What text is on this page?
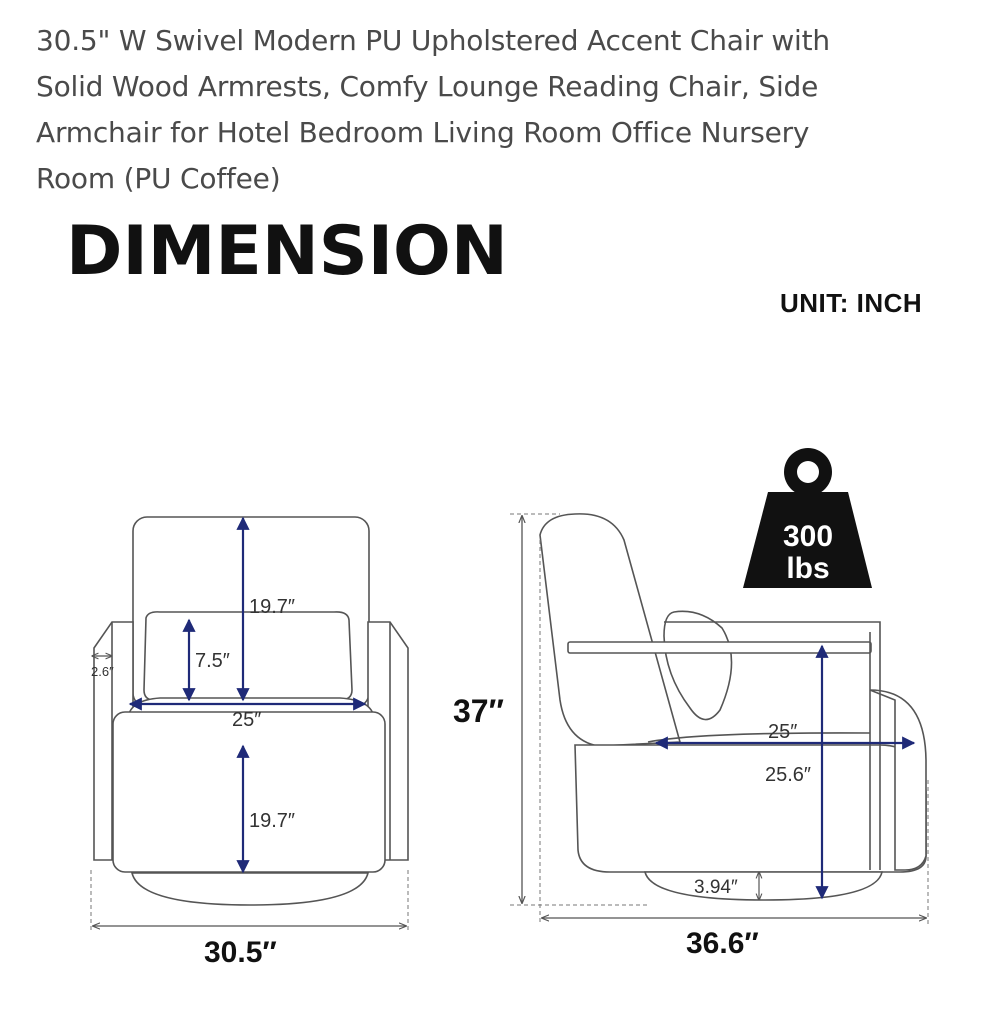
30.5" W Swivel Modern PU Upholstered Accent Chair with
Solid Wood Armrests, Comfy Lounge Reading Chair, Side
Armchair for Hotel Bedroom Living Room Office Nursery
Room (PU Coffee)
DIMENSION
UNIT: INCH
19.7″
7.5″
2.6″
25″
19.7″
30.5″
37″
25″
25.6″
3.94″
36.6″
300
lbs
